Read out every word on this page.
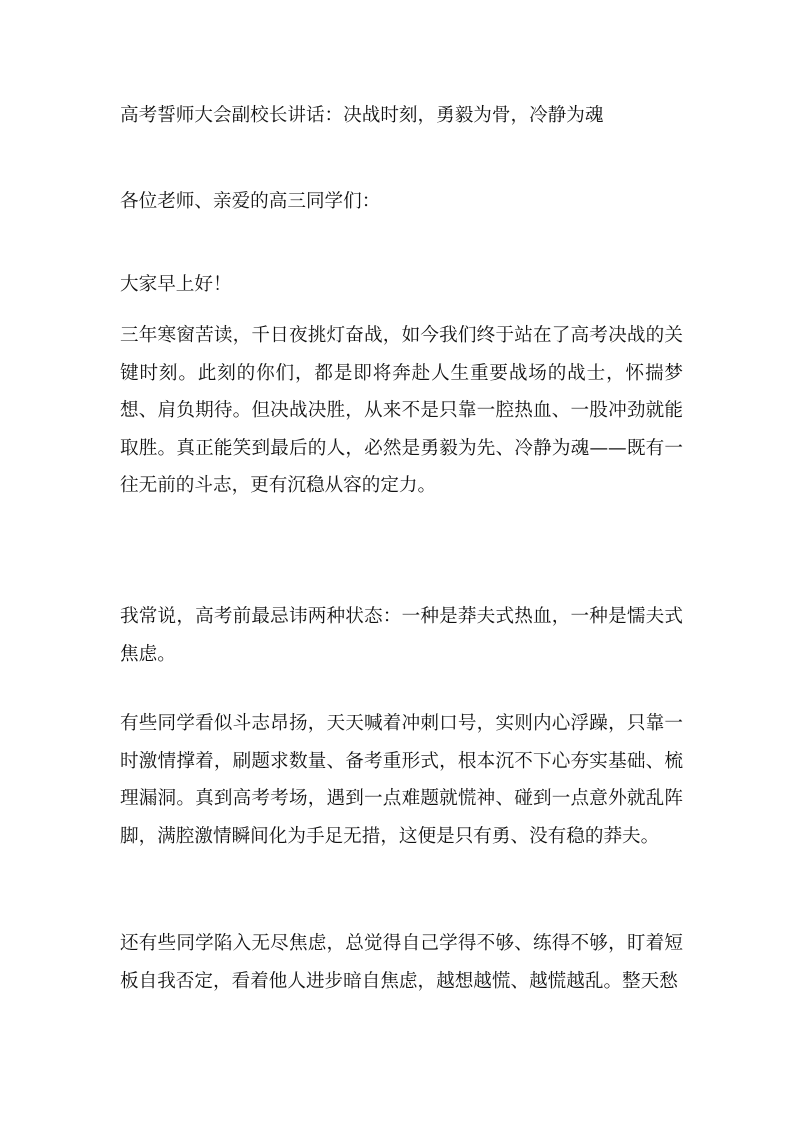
高考誓师大会副校长讲话：决战时刻，勇毅为骨，冷静为魂

各位老师、亲爱的高三同学们：

大家早上好！

三年寒窗苦读，千日夜挑灯奋战，如今我们终于站在了高考决战的关键时刻。此刻的你们，都是即将奔赴人生重要战场的战士，怀揣梦想、肩负期待。但决战决胜，从来不是只靠一腔热血、一股冲劲就能取胜。真正能笑到最后的人，必然是勇毅为先、冷静为魂——既有一往无前的斗志，更有沉稳从容的定力。

我常说，高考前最忌讳两种状态：一种是莽夫式热血，一种是懦夫式焦虑。

有些同学看似斗志昂扬，天天喊着冲刺口号，实则内心浮躁，只靠一时激情撑着，刷题求数量、备考重形式，根本沉不下心夯实基础、梳理漏洞。真到高考考场，遇到一点难题就慌神、碰到一点意外就乱阵脚，满腔激情瞬间化为手足无措，这便是只有勇、没有稳的莽夫。

还有些同学陷入无尽焦虑，总觉得自己学得不够、练得不够，盯着短板自我否定，看着他人进步暗自焦虑，越想越慌、越慌越乱。整天愁
